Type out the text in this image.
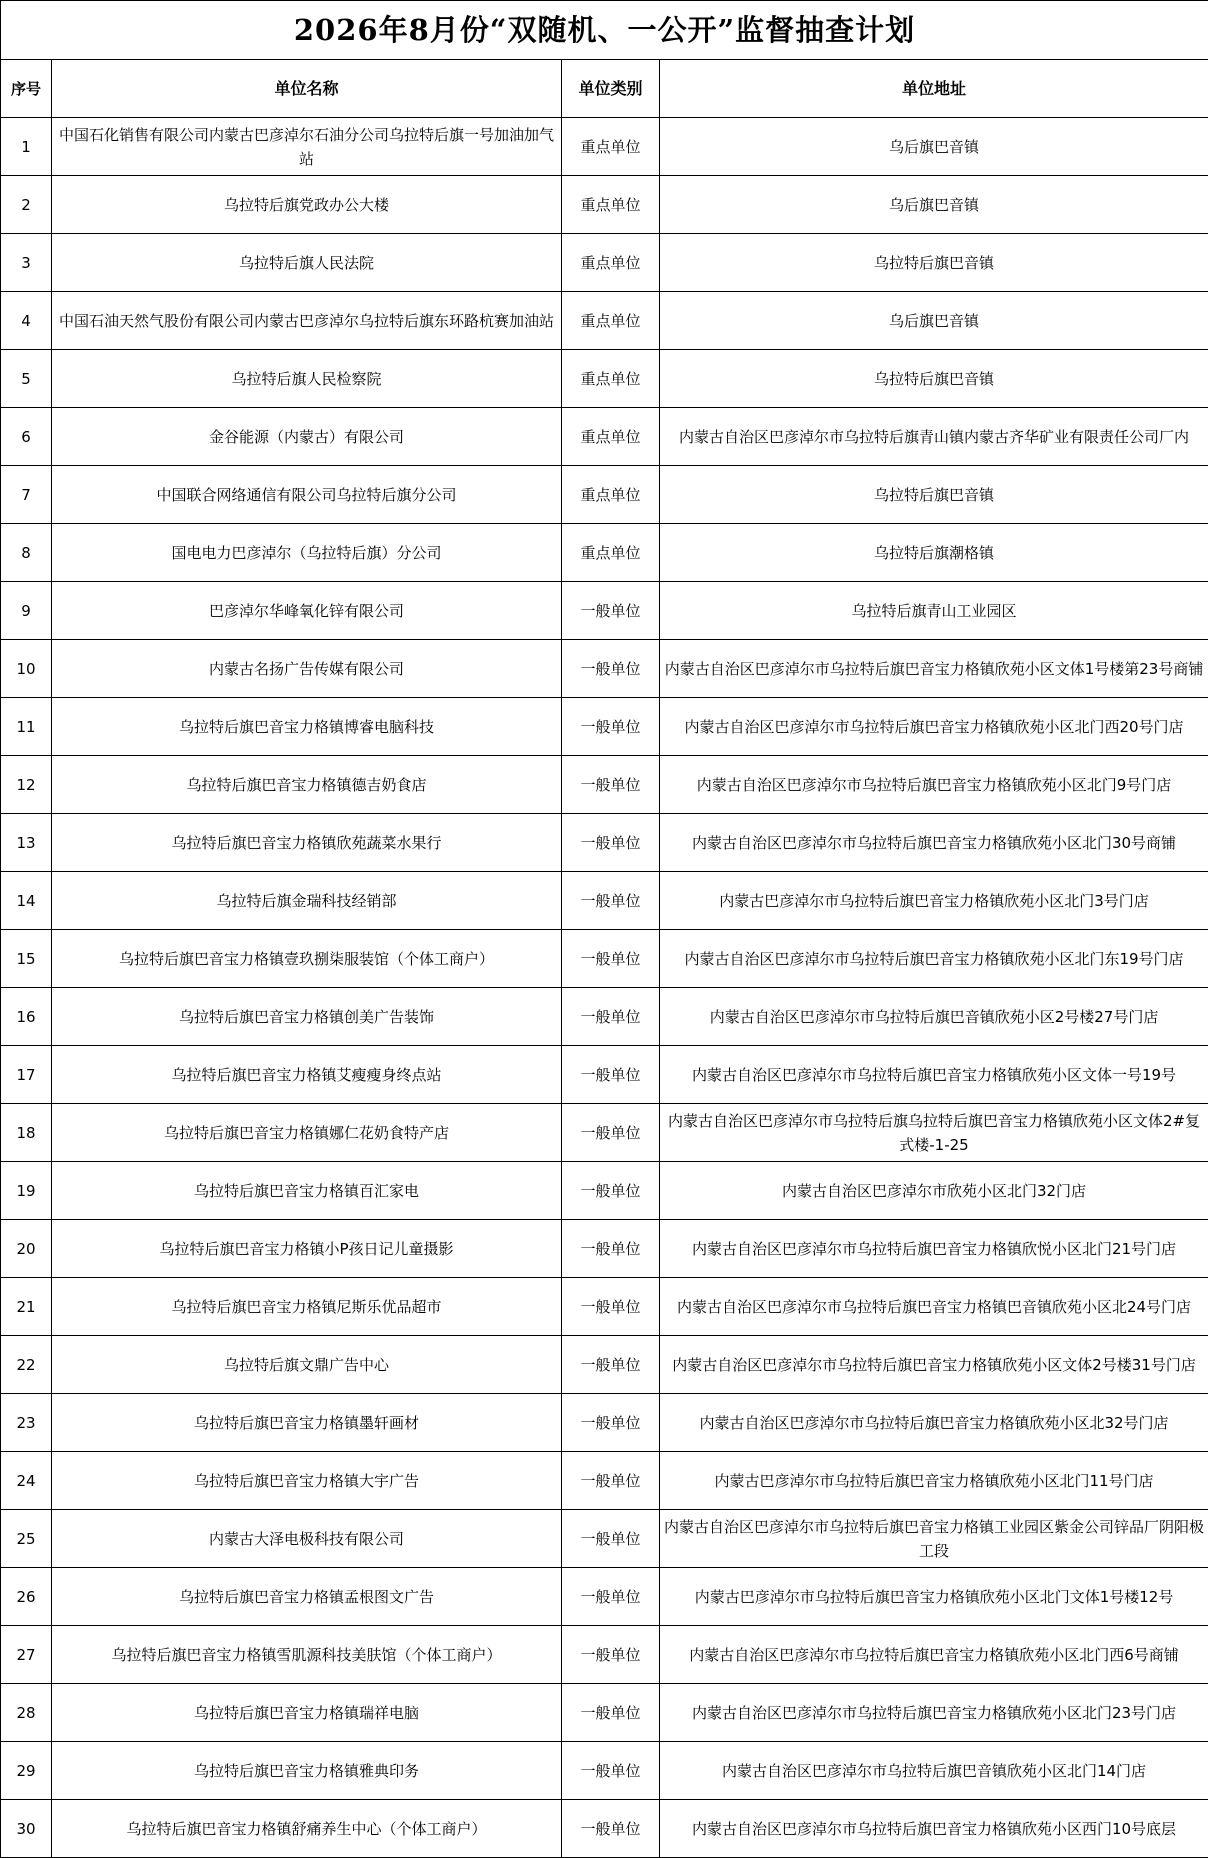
2026年8月份“双随机、一公开”监督抽查计划			
序号	单位名称	单位类别	单位地址
1	中国石化销售有限公司内蒙古巴彦淖尔石油分公司乌拉特后旗一号加油加气站	重点单位	乌后旗巴音镇
2	乌拉特后旗党政办公大楼	重点单位	乌后旗巴音镇
3	乌拉特后旗人民法院	重点单位	乌拉特后旗巴音镇
4	中国石油天然气股份有限公司内蒙古巴彦淖尔乌拉特后旗东环路杭赛加油站	重点单位	乌后旗巴音镇
5	乌拉特后旗人民检察院	重点单位	乌拉特后旗巴音镇
6	金谷能源（内蒙古）有限公司	重点单位	内蒙古自治区巴彦淖尔市乌拉特后旗青山镇内蒙古齐华矿业有限责任公司厂内
7	中国联合网络通信有限公司乌拉特后旗分公司	重点单位	乌拉特后旗巴音镇
8	国电电力巴彦淖尔（乌拉特后旗）分公司	重点单位	乌拉特后旗潮格镇
9	巴彦淖尔华峰氧化锌有限公司	一般单位	乌拉特后旗青山工业园区
10	内蒙古名扬广告传媒有限公司	一般单位	内蒙古自治区巴彦淖尔市乌拉特后旗巴音宝力格镇欣苑小区文体1号楼第23号商铺
11	乌拉特后旗巴音宝力格镇博睿电脑科技	一般单位	内蒙古自治区巴彦淖尔市乌拉特后旗巴音宝力格镇欣苑小区北门西20号门店
12	乌拉特后旗巴音宝力格镇德吉奶食店	一般单位	内蒙古自治区巴彦淖尔市乌拉特后旗巴音宝力格镇欣苑小区北门9号门店
13	乌拉特后旗巴音宝力格镇欣苑蔬菜水果行	一般单位	内蒙古自治区巴彦淖尔市乌拉特后旗巴音宝力格镇欣苑小区北门30号商铺
14	乌拉特后旗金瑞科技经销部	一般单位	内蒙古巴彦淖尔市乌拉特后旗巴音宝力格镇欣苑小区北门3号门店
15	乌拉特后旗巴音宝力格镇壹玖捌柒服装馆（个体工商户）	一般单位	内蒙古自治区巴彦淖尔市乌拉特后旗巴音宝力格镇欣苑小区北门东19号门店
16	乌拉特后旗巴音宝力格镇创美广告装饰	一般单位	内蒙古自治区巴彦淖尔市乌拉特后旗巴音镇欣苑小区2号楼27号门店
17	乌拉特后旗巴音宝力格镇艾瘦瘦身终点站	一般单位	内蒙古自治区巴彦淖尔市乌拉特后旗巴音宝力格镇欣苑小区文体一号19号
18	乌拉特后旗巴音宝力格镇娜仁花奶食特产店	一般单位	内蒙古自治区巴彦淖尔市乌拉特后旗乌拉特后旗巴音宝力格镇欣苑小区文体2#复式楼-1-25
19	乌拉特后旗巴音宝力格镇百汇家电	一般单位	内蒙古自治区巴彦淖尔市欣苑小区北门32门店
20	乌拉特后旗巴音宝力格镇小P孩日记儿童摄影	一般单位	内蒙古自治区巴彦淖尔市乌拉特后旗巴音宝力格镇欣悦小区北门21号门店
21	乌拉特后旗巴音宝力格镇尼斯乐优品超市	一般单位	内蒙古自治区巴彦淖尔市乌拉特后旗巴音宝力格镇巴音镇欣苑小区北24号门店
22	乌拉特后旗文鼎广告中心	一般单位	内蒙古自治区巴彦淖尔市乌拉特后旗巴音宝力格镇欣苑小区文体2号楼31号门店
23	乌拉特后旗巴音宝力格镇墨轩画材	一般单位	内蒙古自治区巴彦淖尔市乌拉特后旗巴音宝力格镇欣苑小区北32号门店
24	乌拉特后旗巴音宝力格镇大宇广告	一般单位	内蒙古巴彦淖尔市乌拉特后旗巴音宝力格镇欣苑小区北门11号门店
25	内蒙古大泽电极科技有限公司	一般单位	内蒙古自治区巴彦淖尔市乌拉特后旗巴音宝力格镇工业园区紫金公司锌品厂阴阳极工段
26	乌拉特后旗巴音宝力格镇孟根图文广告	一般单位	内蒙古巴彦淖尔市乌拉特后旗巴音宝力格镇欣苑小区北门文体1号楼12号
27	乌拉特后旗巴音宝力格镇雪肌源科技美肤馆（个体工商户）	一般单位	内蒙古自治区巴彦淖尔市乌拉特后旗巴音宝力格镇欣苑小区北门西6号商铺
28	乌拉特后旗巴音宝力格镇瑞祥电脑	一般单位	内蒙古自治区巴彦淖尔市乌拉特后旗巴音宝力格镇欣苑小区北门23号门店
29	乌拉特后旗巴音宝力格镇雅典印务	一般单位	内蒙古自治区巴彦淖尔市乌拉特后旗巴音镇欣苑小区北门14门店
30	乌拉特后旗巴音宝力格镇舒痛养生中心（个体工商户）	一般单位	内蒙古自治区巴彦淖尔市乌拉特后旗巴音宝力格镇欣苑小区西门10号底层
